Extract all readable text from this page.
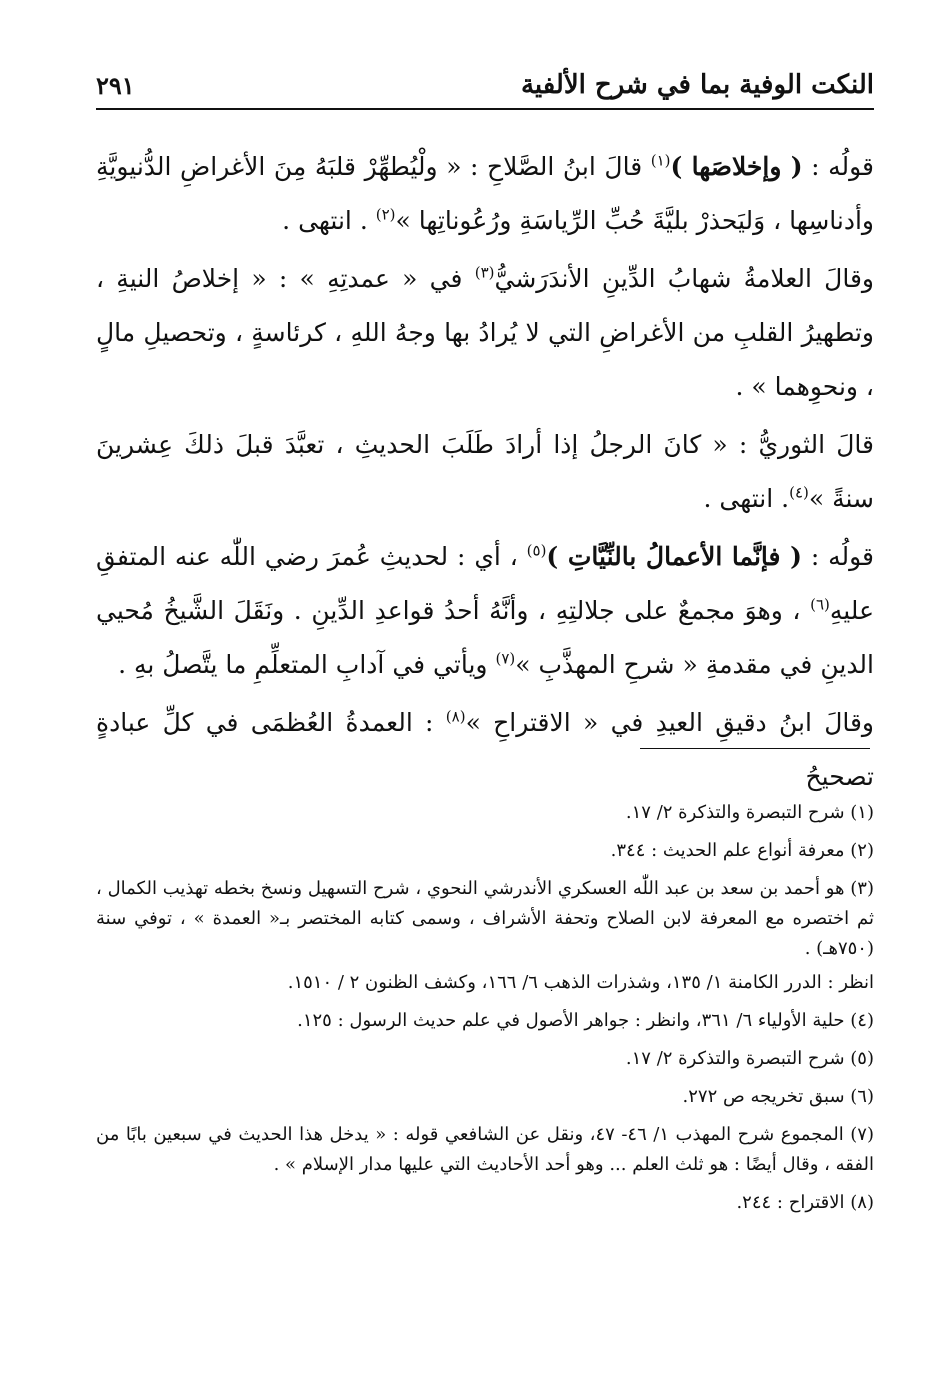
النكت الوفية بما في شرح الألفية
٢٩١

قولُه : ( وإخلاصَها )$^{(١)}$ قالَ ابنُ الصَّلاحِ : « ولْيُطهِّرْ قلبَهُ مِنَ الأغراضِ الدُّنيويَّةِ وأدناسِها ، وَليَحذرْ بليَّةَ حُبِّ الرِّياسَةِ ورُعُوناتِها »$^{(٢)}$ . انتهى .

وقالَ العلامةُ شهابُ الدِّينِ الأندَرَشيُّ$^{(٣)}$ في « عمدتِهِ » : « إخلاصُ النيةِ ، وتطهيرُ القلبِ من الأغراضِ التي لا يُرادُ بها وجهُ اللهِ ، كرئاسةٍ ، وتحصيلِ مالٍ ، ونحوِهما » .

قالَ الثوريُّ : « كانَ الرجلُ إذا أرادَ طَلَبَ الحديثِ ، تعبَّدَ قبلَ ذلكَ عِشرينَ سنةً »$^{(٤)}$. انتهى .

قولُه : ( فإنَّما الأعمالُ بالنِّيَّاتِ )$^{(٥)}$ ، أي : لحديثِ عُمرَ رضي اللّٰه عنه المتفقِ عليهِ$^{(٦)}$ ، وهوَ مجمعٌ على جلالتِهِ ، وأنَّهُ أحدُ قواعدِ الدِّينِ . ونَقَلَ الشَّيخُ مُحيي الدينِ في مقدمةِ « شرحِ المهذَّبِ »$^{(٧)}$ ويأتي في آدابِ المتعلِّمِ ما يتَّصلُ بهِ .

وقالَ ابنُ دقيقِ العيدِ في « الاقتراحِ »$^{(٨)}$ : العمدةُ العُظمَى في كلِّ عبادةٍ تصحيحُ

(١) شرح التبصرة والتذكرة ٢/ ١٧.

(٢) معرفة أنواع علم الحديث : ٣٤٤.

(٣) هو أحمد بن سعد بن عبد اللّٰه العسكري الأندرشي النحوي ، شرح التسهيل ونسخ بخطه تهذيب الكمال ، ثم اختصره مع المعرفة لابن الصلاح وتحفة الأشراف ، وسمى كتابه المختصر بـ« العمدة » ، توفي سنة (٧٥٠هـ) .

انظر : الدرر الكامنة ١/ ١٣٥، وشذرات الذهب ٦/ ١٦٦، وكشف الظنون ٢ / ١٥١٠.

(٤) حلية الأولياء ٦/ ٣٦١، وانظر : جواهر الأصول في علم حديث الرسول : ١٢٥.

(٥) شرح التبصرة والتذكرة ٢/ ١٧.

(٦) سبق تخريجه ص ٢٧٢.

(٧) المجموع شرح المهذب ١/ ٤٦- ٤٧، ونقل عن الشافعي قوله : « يدخل هذا الحديث في سبعين بابًا من الفقه ، وقال أيضًا : هو ثلث العلم ... وهو أحد الأحاديث التي عليها مدار الإسلام » .

(٨) الاقتراح : ٢٤٤.
